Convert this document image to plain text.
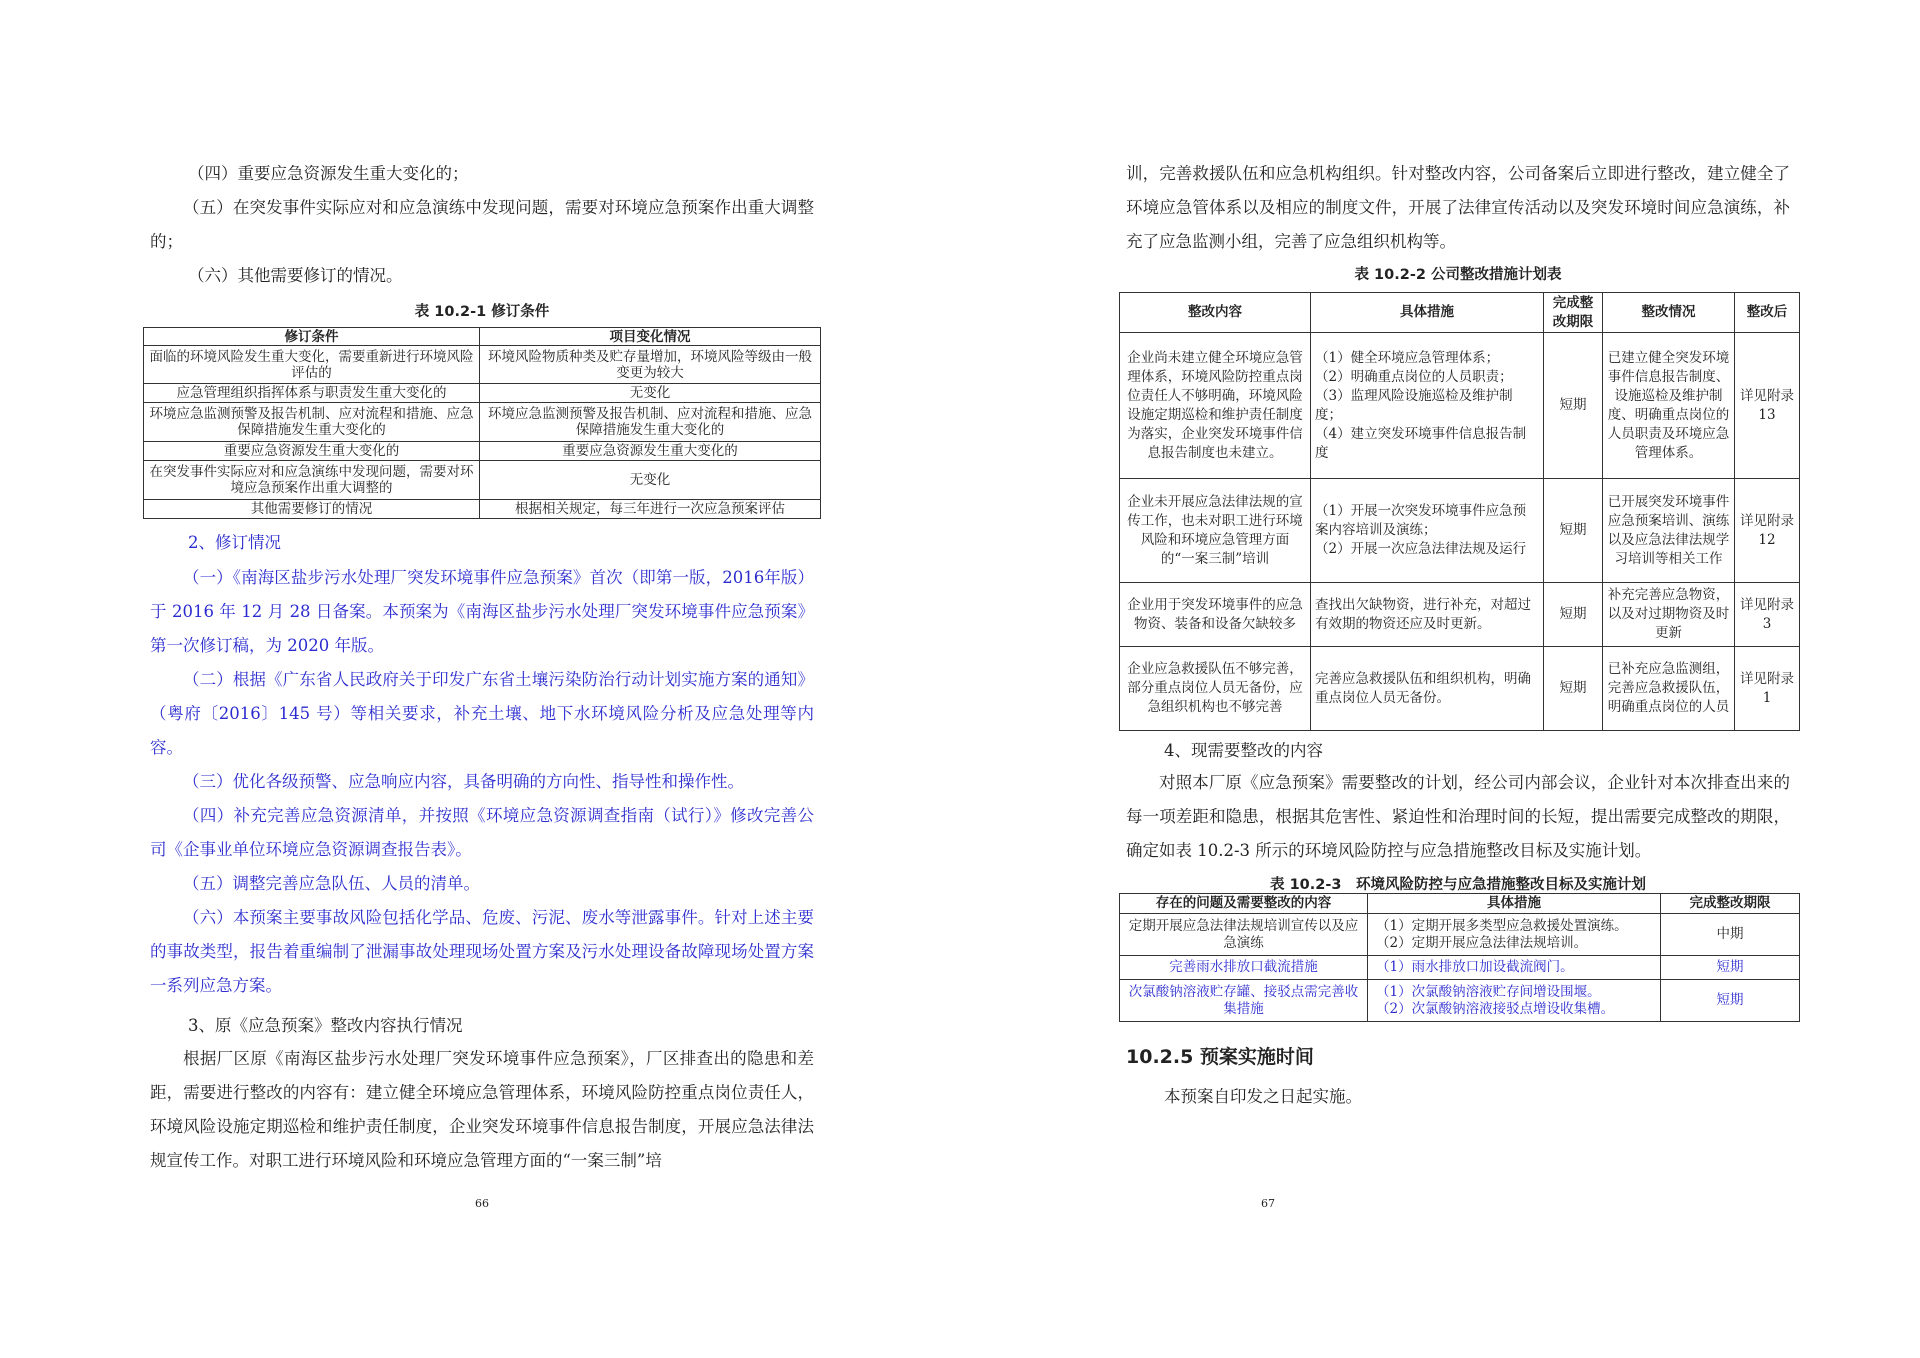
（四）重要应急资源发生重大变化的；

（五）在突发事件实际应对和应急演练中发现问题，需要对环境应急预案作出重大调整的；

（六）其他需要修订的情况。

表 10.2-1 修订条件

修订条件	项目变化情况
面临的环境风险发生重大变化，需要重新进行环境风险评估的	环境风险物质种类及贮存量增加，环境风险等级由一般变更为较大
应急管理组织指挥体系与职责发生重大变化的	无变化
环境应急监测预警及报告机制、应对流程和措施、应急保障措施发生重大变化的	环境应急监测预警及报告机制、应对流程和措施、应急保障措施发生重大变化的
重要应急资源发生重大变化的	重要应急资源发生重大变化的
在突发事件实际应对和应急演练中发现问题，需要对环境应急预案作出重大调整的	无变化
其他需要修订的情况	根据相关规定，每三年进行一次应急预案评估

2、修订情况

（一）《南海区盐步污水处理厂突发环境事件应急预案》首次（即第一版，2016年版）于 2016 年 12 月 28 日备案。本预案为《南海区盐步污水处理厂突发环境事件应急预案》第一次修订稿，为 2020 年版。

（二）根据《广东省人民政府关于印发广东省土壤污染防治行动计划实施方案的通知》（粤府〔2016〕145 号）等相关要求，补充土壤、地下水环境风险分析及应急处理等内容。

（三）优化各级预警、应急响应内容，具备明确的方向性、指导性和操作性。

（四）补充完善应急资源清单，并按照《环境应急资源调查指南（试行）》修改完善公司《企事业单位环境应急资源调查报告表》。

（五）调整完善应急队伍、人员的清单。

（六）本预案主要事故风险包括化学品、危废、污泥、废水等泄露事件。针对上述主要的事故类型，报告着重编制了泄漏事故处理现场处置方案及污水处理设备故障现场处置方案一系列应急方案。

3、原《应急预案》整改内容执行情况

根据厂区原《南海区盐步污水处理厂突发环境事件应急预案》，厂区排查出的隐患和差距，需要进行整改的内容有：建立健全环境应急管理体系，环境风险防控重点岗位责任人，环境风险设施定期巡检和维护责任制度，企业突发环境事件信息报告制度，开展应急法律法规宣传工作。对职工进行环境风险和环境应急管理方面的“一案三制”培

66

训，完善救援队伍和应急机构组织。针对整改内容，公司备案后立即进行整改，建立健全了环境应急管体系以及相应的制度文件，开展了法律宣传活动以及突发环境时间应急演练，补充了应急监测小组，完善了应急组织机构等。

表 10.2-2 公司整改措施计划表

整改内容	具体措施	完成整改期限	整改情况	整改后
企业尚未建立健全环境应急管理体系，环境风险防控重点岗位责任人不够明确，环境风险设施定期巡检和维护责任制度为落实，企业突发环境事件信息报告制度也未建立。	（1）健全环境应急管理体系；
（2）明确重点岗位的人员职责；
（3）监理风险设施巡检及维护制度；
（4）建立突发环境事件信息报告制度	短期	已建立健全突发环境事件信息报告制度、设施巡检及维护制度、明确重点岗位的人员职责及环境应急管理体系。	详见附录 13
企业未开展应急法律法规的宣传工作，也未对职工进行环境风险和环境应急管理方面的“一案三制”培训	（1）开展一次突发环境事件应急预案内容培训及演练；
（2）开展一次应急法律法规及运行	短期	已开展突发环境事件应急预案培训、演练以及应急法律法规学习培训等相关工作	详见附录 12
企业用于突发环境事件的应急物资、装备和设备欠缺较多	查找出欠缺物资，进行补充，对超过有效期的物资还应及时更新。	短期	补充完善应急物资，以及对过期物资及时更新	详见附录 3
企业应急救援队伍不够完善，部分重点岗位人员无备份，应急组织机构也不够完善	完善应急救援队伍和组织机构，明确重点岗位人员无备份。	短期	已补充应急监测组，完善应急救援队伍，明确重点岗位的人员	详见附录 1

4、现需要整改的内容

对照本厂原《应急预案》需要整改的计划，经公司内部会议，企业针对本次排查出来的每一项差距和隐患，根据其危害性、紧迫性和治理时间的长短，提出需要完成整改的期限，确定如表 10.2-3 所示的环境风险防控与应急措施整改目标及实施计划。

表 10.2-3　环境风险防控与应急措施整改目标及实施计划

存在的问题及需要整改的内容	具体措施	完成整改期限
定期开展应急法律法规培训宣传以及应急演练	（1）定期开展多类型应急救援处置演练。
（2）定期开展应急法律法规培训。	中期
完善雨水排放口截流措施	（1）雨水排放口加设截流阀门。	短期
次氯酸钠溶液贮存罐、接驳点需完善收集措施	（1）次氯酸钠溶液贮存间增设围堰。
（2）次氯酸钠溶液接驳点增设收集槽。	短期

10.2.5 预案实施时间

本预案自印发之日起实施。

67
